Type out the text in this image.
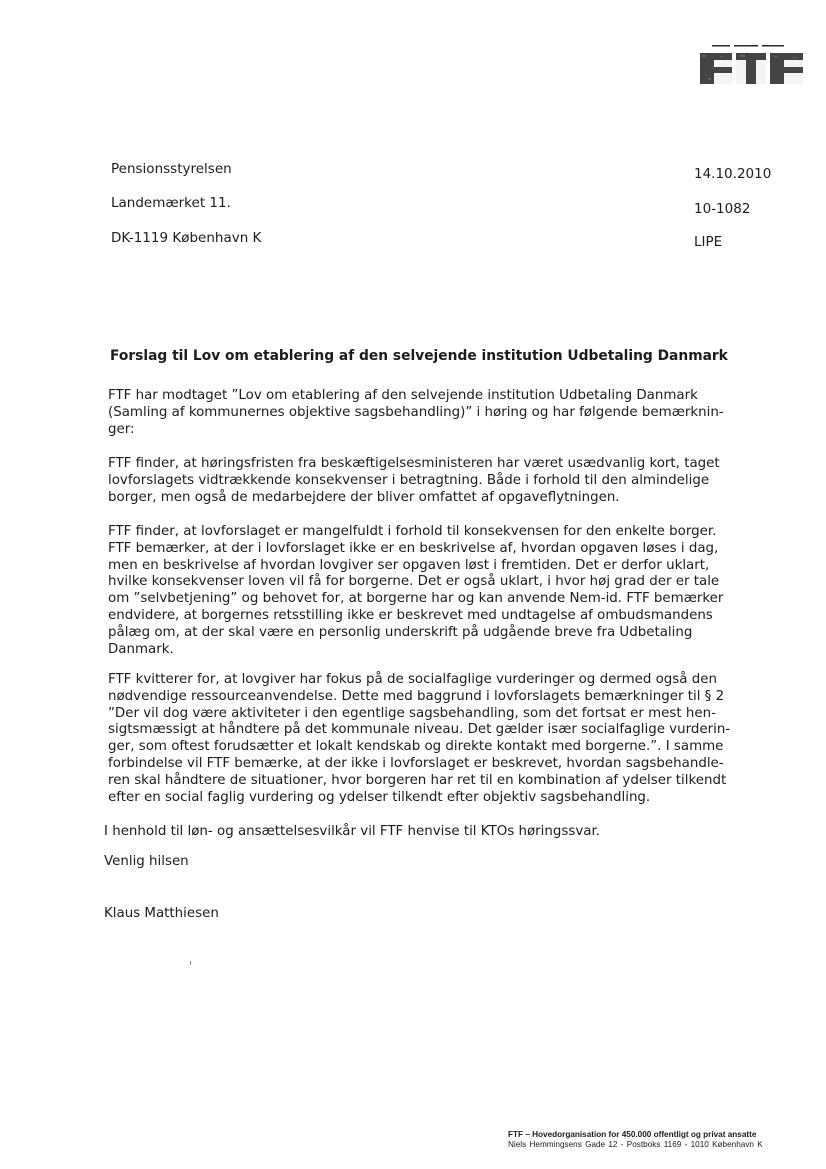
Pensionsstyrelsen
Landemærket 11.
DK-1119 København K
14.10.2010
10-1082
LIPE
Forslag til Lov om etablering af den selvejende institution Udbetaling Danmark
FTF har modtaget ”Lov om etablering af den selvejende institution Udbetaling Danmark
(Samling af kommunernes objektive sagsbehandling)” i høring og har følgende bemærknin-
ger:
FTF finder, at høringsfristen fra beskæftigelsesministeren har været usædvanlig kort, taget
lovforslagets vidtrækkende konsekvenser i betragtning. Både i forhold til den almindelige
borger, men også de medarbejdere der bliver omfattet af opgaveflytningen.
FTF finder, at lovforslaget er mangelfuldt i forhold til konsekvensen for den enkelte borger.
FTF bemærker, at der i lovforslaget ikke er en beskrivelse af, hvordan opgaven løses i dag,
men en beskrivelse af hvordan lovgiver ser opgaven løst i fremtiden. Det er derfor uklart,
hvilke konsekvenser loven vil få for borgerne. Det er også uklart, i hvor høj grad der er tale
om ”selvbetjening” og behovet for, at borgerne har og kan anvende Nem-id. FTF bemærker
endvidere, at borgernes retsstilling ikke er beskrevet med undtagelse af ombudsmandens
pålæg om, at der skal være en personlig underskrift på udgående breve fra Udbetaling
Danmark.
FTF kvitterer for, at lovgiver har fokus på de socialfaglige vurderinger og dermed også den
nødvendige ressourceanvendelse. Dette med baggrund i lovforslagets bemærkninger til § 2
”Der vil dog være aktiviteter i den egentlige sagsbehandling, som det fortsat er mest hen-
sigtsmæssigt at håndtere på det kommunale niveau. Det gælder især socialfaglige vurderin-
ger, som oftest forudsætter et lokalt kendskab og direkte kontakt med borgerne.”. I samme
forbindelse vil FTF bemærke, at der ikke i lovforslaget er beskrevet, hvordan sagsbehandle-
ren skal håndtere de situationer, hvor borgeren har ret til en kombination af ydelser tilkendt
efter en social faglig vurdering og ydelser tilkendt efter objektiv sagsbehandling.
I henhold til løn- og ansættelsesvilkår vil FTF henvise til KTOs høringssvar.
Venlig hilsen
Klaus Matthiesen
FTF – Hovedorganisation for 450.000 offentligt og privat ansatte
Niels Hemmingsens Gade 12 - Postboks 1169 - 1010 København K
